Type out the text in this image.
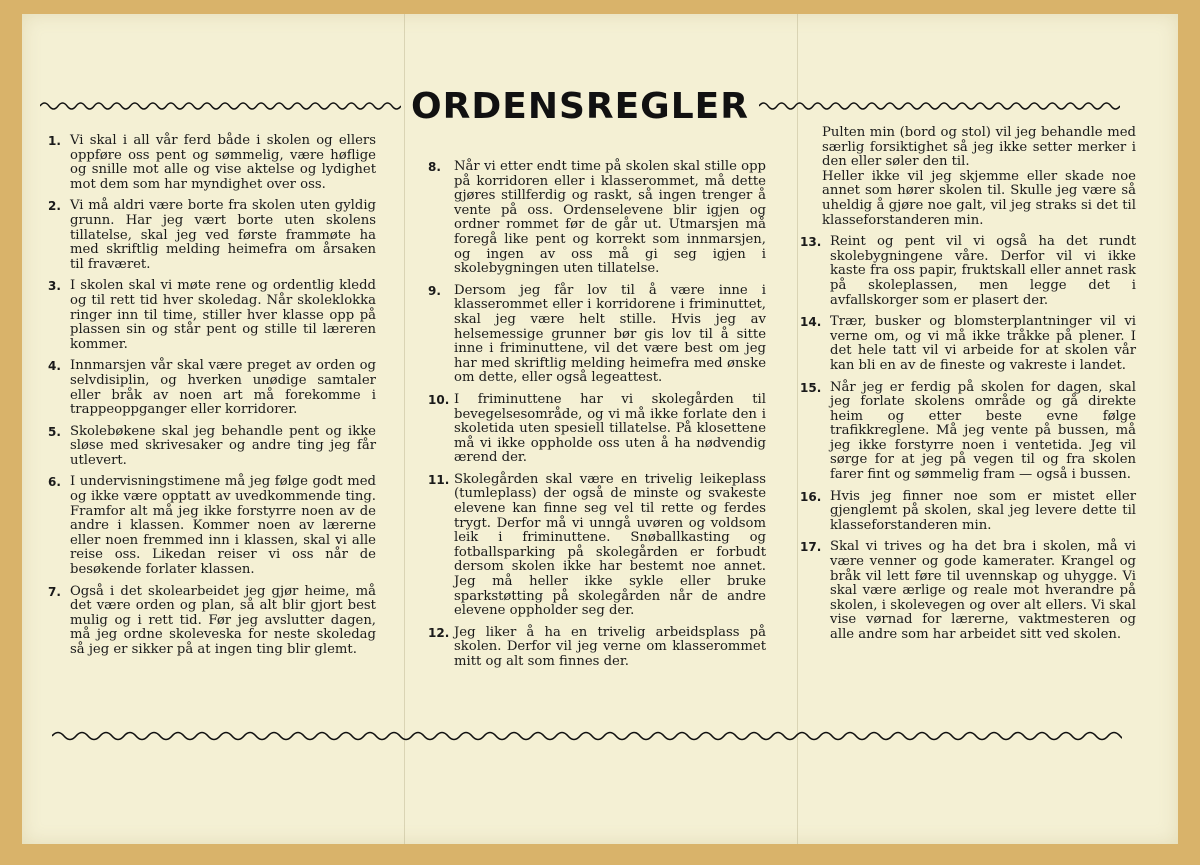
ORDENSREGLER
1. Vi skal i all vår ferd både i skolen og ellers oppføre oss pent og sømmelig, være høflige og snille mot alle og vise aktelse og lydighet mot dem som har myndighet over oss.
2. Vi må aldri være borte fra skolen uten gyldig grunn. Har jeg vært borte uten skolens tillatelse, skal jeg ved første frammøte ha med skriftlig melding heimefra om årsaken til fraværet.
3. I skolen skal vi møte rene og ordentlig kledd og til rett tid hver skoledag. Når skoleklokka ringer inn til time, stiller hver klasse opp på plassen sin og står pent og stille til læreren kommer.
4. Innmarsjen vår skal være preget av orden og selvdisiplin, og hverken unødige samtaler eller bråk av noen art må forekomme i trappeoppganger eller korridorer.
5. Skolebøkene skal jeg behandle pent og ikke sløse med skrivesaker og andre ting jeg får utlevert.
6. I undervisningstimene må jeg følge godt med og ikke være opptatt av uvedkommende ting. Framfor alt må jeg ikke forstyrre noen av de andre i klassen. Kommer noen av lærerne eller noen fremmed inn i klassen, skal vi alle reise oss. Likedan reiser vi oss når de besøkende forlater klassen.
7. Også i det skolearbeidet jeg gjør heime, må det være orden og plan, så alt blir gjort best mulig og i rett tid. Før jeg avslutter dagen, må jeg ordne skoleveska for neste skoledag så jeg er sikker på at ingen ting blir glemt.
8. Når vi etter endt time på skolen skal stille opp på korridoren eller i klasserommet, må dette gjøres stillferdig og raskt, så ingen trenger å vente på oss. Ordenselevene blir igjen og ordner rommet før de går ut. Utmarsjen må foregå like pent og korrekt som innmarsjen, og ingen av oss må gi seg igjen i skolebygningen uten tillatelse.
9. Dersom jeg får lov til å være inne i klasserommet eller i korridorene i friminuttet, skal jeg være helt stille. Hvis jeg av helsemessige grunner bør gis lov til å sitte inne i friminuttene, vil det være best om jeg har med skriftlig melding heimefra med ønske om dette, eller også legeattest.
10. I friminuttene har vi skolegården til bevegelsesområde, og vi må ikke forlate den i skoletida uten spesiell tillatelse. På klosettene må vi ikke oppholde oss uten å ha nødvendig ærend der.
11. Skolegården skal være en trivelig leikeplass (tumleplass) der også de minste og svakeste elevene kan finne seg vel til rette og ferdes trygt. Derfor må vi unngå uvøren og voldsom leik i friminuttene. Snøballkasting og fotballsparking på skolegården er forbudt dersom skolen ikke har bestemt noe annet. Jeg må heller ikke sykle eller bruke sparkstøtting på skolegården når de andre elevene oppholder seg der.
12. Jeg liker å ha en trivelig arbeidsplass på skolen. Derfor vil jeg verne om klasserommet mitt og alt som finnes der.

Pulten min (bord og stol) vil jeg behandle med særlig forsiktighet så jeg ikke setter merker i den eller søler den til.

Heller ikke vil jeg skjemme eller skade noe annet som hører skolen til. Skulle jeg være så uheldig å gjøre noe galt, vil jeg straks si det til klasseforstanderen min.

13. Reint og pent vil vi også ha det rundt skolebygningene våre. Derfor vil vi ikke kaste fra oss papir, fruktskall eller annet rask på skoleplassen, men legge det i avfallskorger som er plasert der.
14. Trær, busker og blomsterplantninger vil vi verne om, og vi må ikke tråkke på plener. I det hele tatt vil vi arbeide for at skolen vår kan bli en av de fineste og vakreste i landet.
15. Når jeg er ferdig på skolen for dagen, skal jeg forlate skolens område og gå direkte heim og etter beste evne følge trafikkreglene. Må jeg vente på bussen, må jeg ikke forstyrre noen i ventetida. Jeg vil sørge for at jeg på vegen til og fra skolen farer fint og sømmelig fram — også i bussen.
16. Hvis jeg finner noe som er mistet eller gjenglemt på skolen, skal jeg levere dette til klasseforstanderen min.
17. Skal vi trives og ha det bra i skolen, må vi være venner og gode kamerater. Krangel og bråk vil lett føre til uvennskap og uhygge. Vi skal være ærlige og reale mot hverandre på skolen, i skolevegen og over alt ellers. Vi skal vise vørnad for lærerne, vaktmesteren og alle andre som har arbeidet sitt ved skolen.
